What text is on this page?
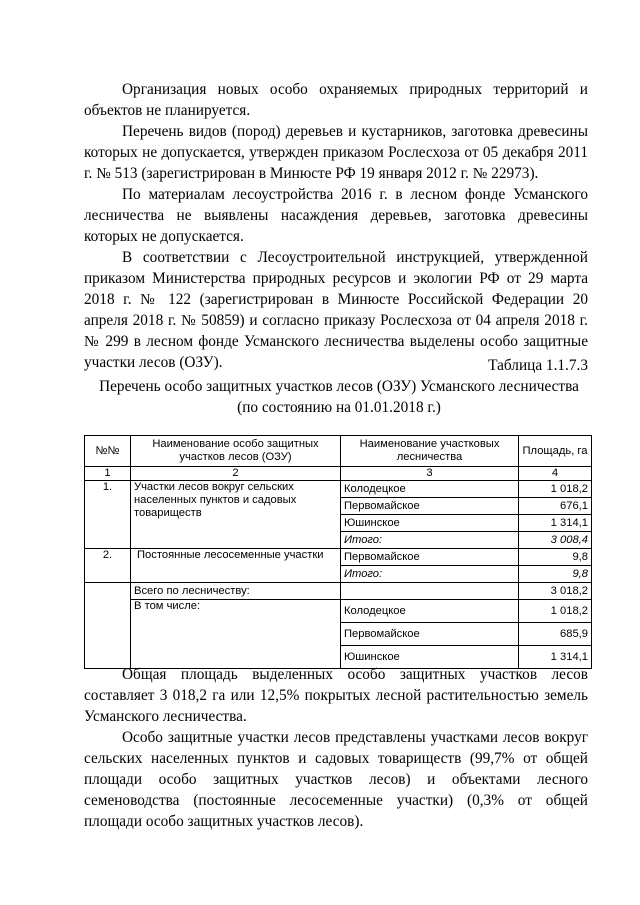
Организация новых особо охраняемых природных территорий и объектов не планируется.

Перечень видов (пород) деревьев и кустарников, заготовка древесины которых не допускается, утвержден приказом Рослесхоза от 05 декабря 2011 г. № 513 (зарегистрирован в Минюсте РФ 19 января 2012 г. № 22973).

По материалам лесоустройства 2016 г. в лесном фонде Усманского лесничества не выявлены насаждения деревьев, заготовка древесины которых не допускается.

В соответствии с Лесоустроительной инструкцией, утвержденной приказом Министерства природных ресурсов и экологии РФ от 29 марта 2018 г. № 122 (зарегистрирован в Минюсте Российской Федерации 20 апреля 2018 г. № 50859) и согласно приказу Рослесхоза от 04 апреля 2018 г. № 299 в лесном фонде Усманского лесничества выделены особо защитные участки лесов (ОЗУ).	Таблица 1.1.7.3

Перечень особо защитных участков лесов (ОЗУ) Усманского лесничества

(по состоянию на 01.01.2018 г.)

№№	Наименование особо защитных участков лесов (ОЗУ)	Наименование участковых лесничества	Площадь, га
1	2	3	4
1.	Участки лесов вокруг сельских населенных пунктов и садовых товариществ	Колодецкое	1 018,2
		Первомайское	676,1
		Юшинское	1 314,1
		Итого:	3 008,4
2.	Постоянные лесосеменные участки	Первомайское	9,8
		Итого:	9,8
	Всего по лесничеству:		3 018,2
	В том числе:	Колодецкое	1 018,2
		Первомайское	685,9
		Юшинское	1 314,1

Общая площадь выделенных особо защитных участков лесов составляет 3 018,2 га или 12,5% покрытых лесной растительностью земель Усманского лесничества.

Особо защитные участки лесов представлены участками лесов вокруг сельских населенных пунктов и садовых товариществ (99,7% от общей площади особо защитных участков лесов) и объектами лесного семеноводства (постоянные лесосеменные участки) (0,3% от общей площади особо защитных участков лесов).
